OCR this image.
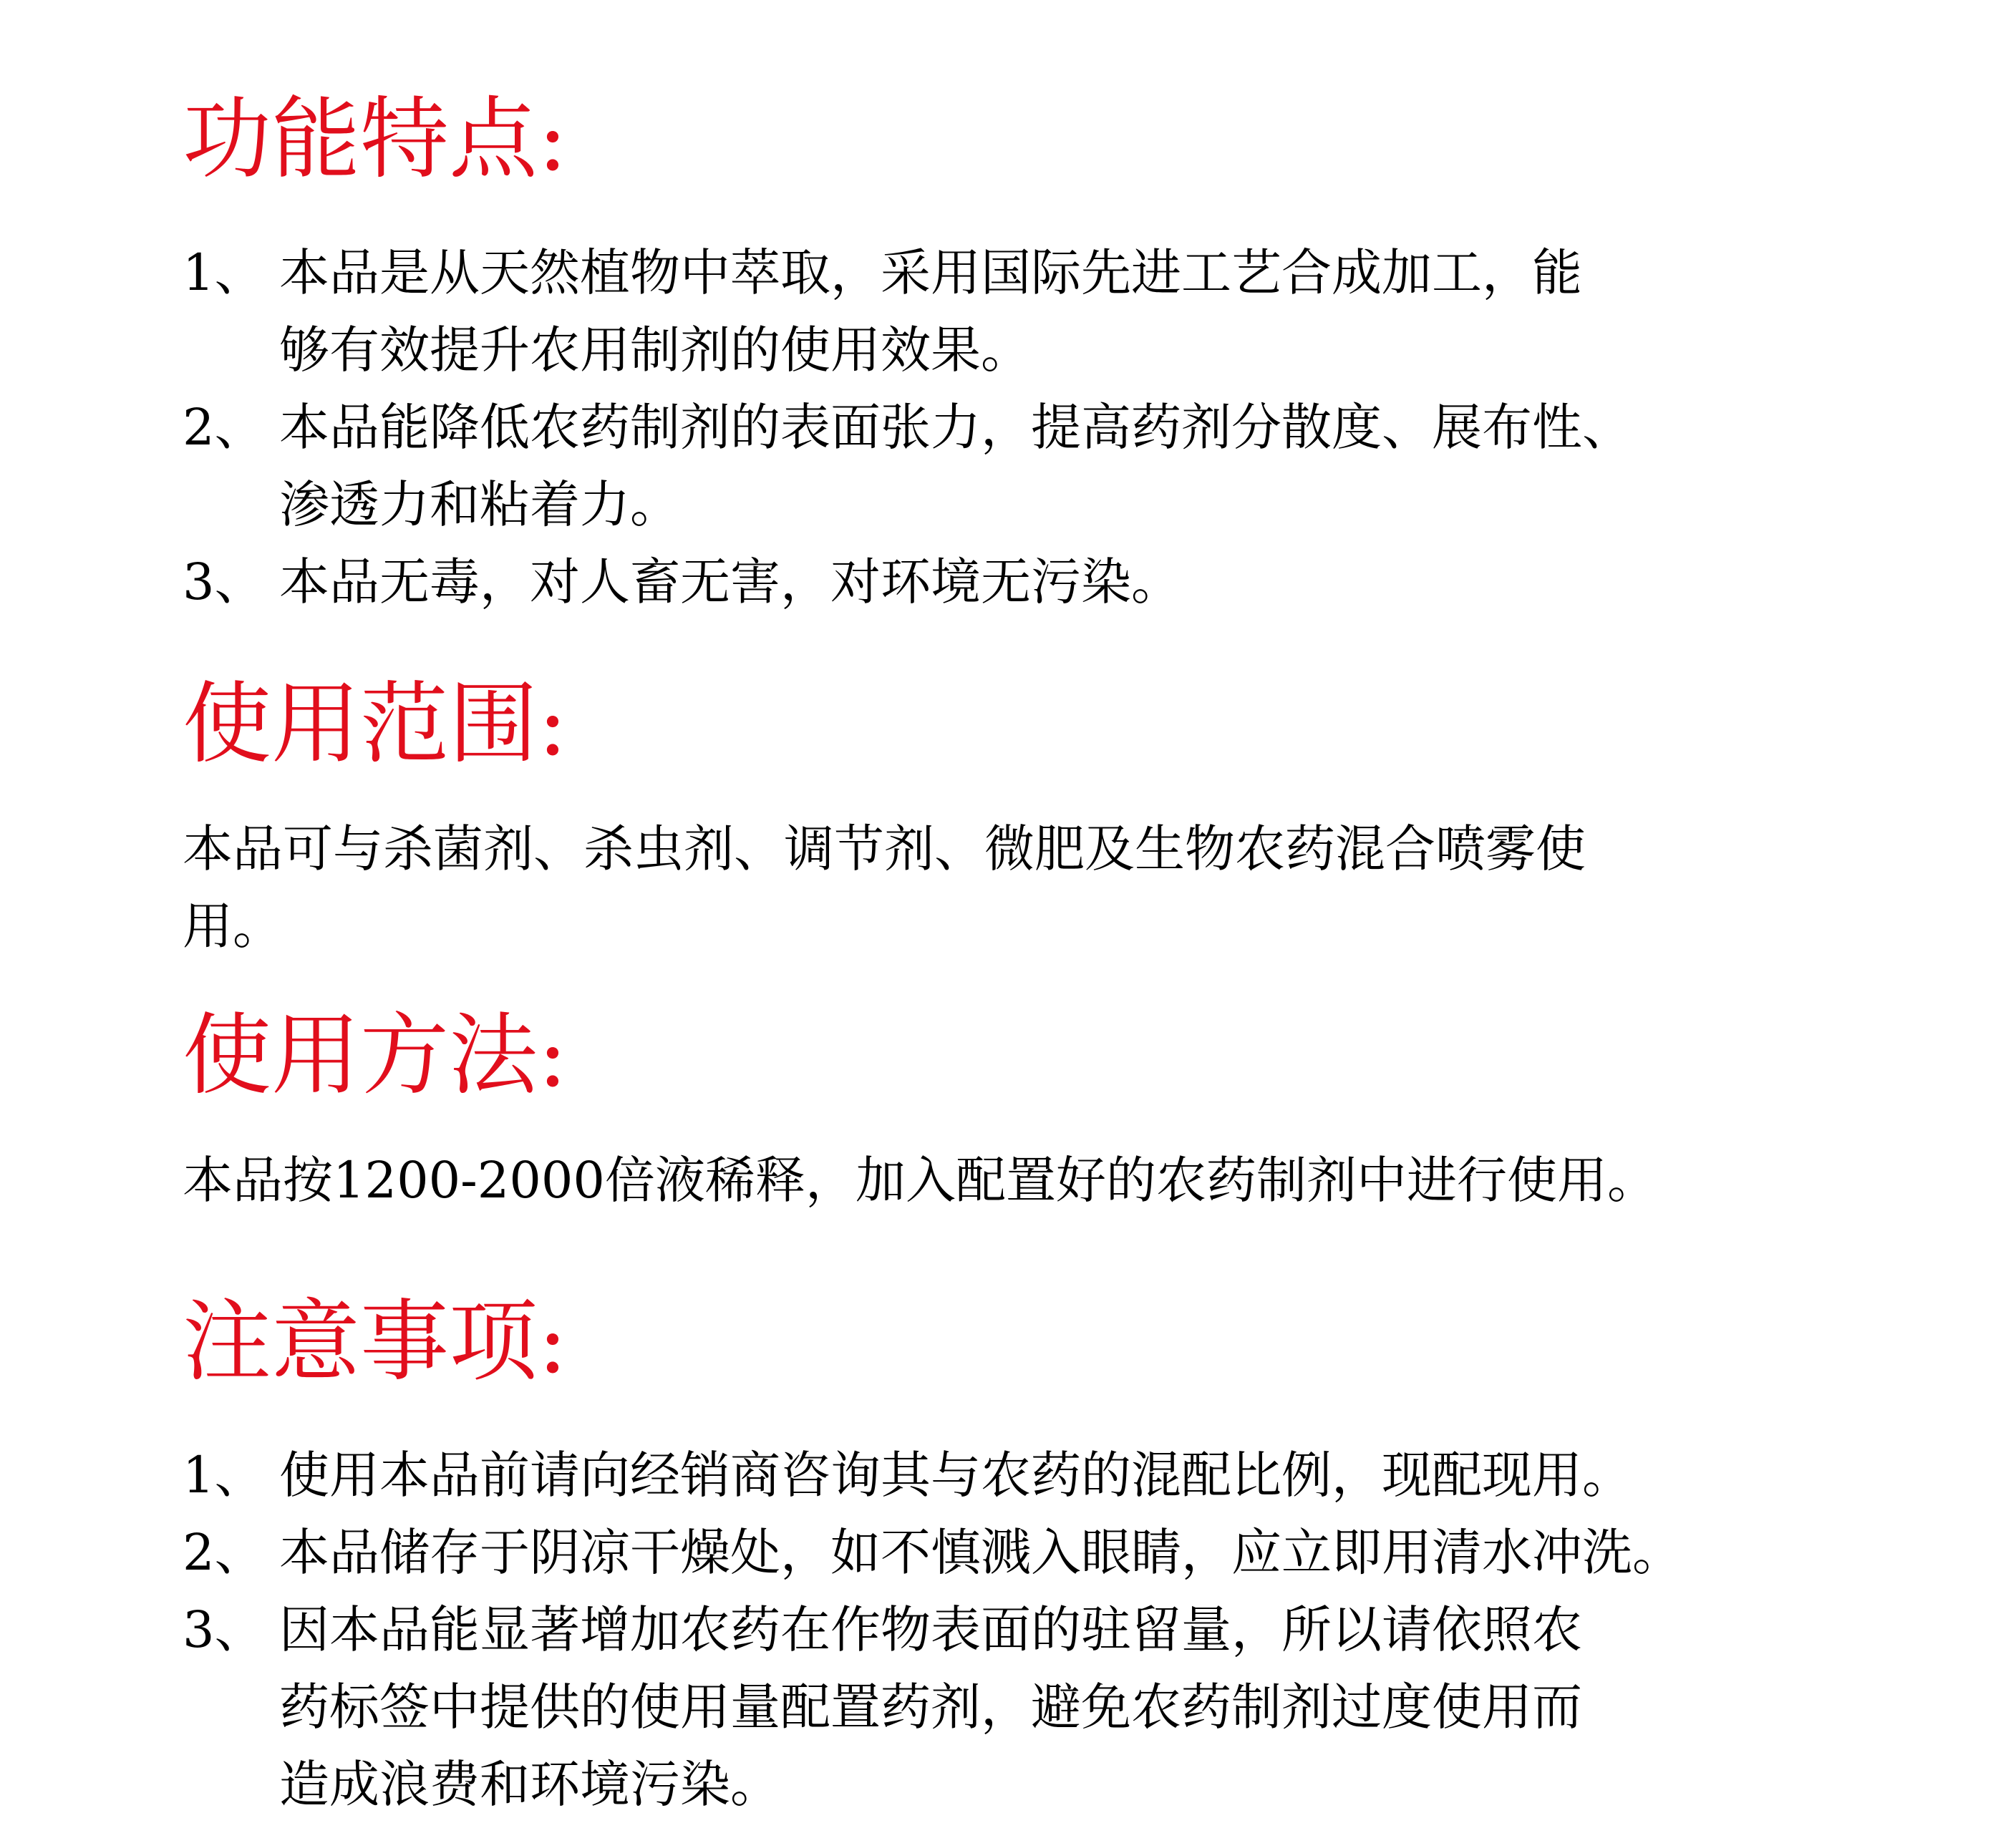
功能特点:
1、 本品是从天然植物中萃取，采用国际先进工艺合成加工，能
够有效提升农用制剂的使用效果。
2、 本品能降低农药制剂的表面张力，提高药剂分散度、展布性、
渗透力和粘着力。
3、 本品无毒，对人畜无害，对环境无污染。
使用范围:

本品可与杀菌剂、杀虫剂、调节剂、微肥及生物农药混合喷雾使

用。

使用方法:

本品按1200-2000倍液稀释，加入配置好的农药制剂中进行使用。

注意事项:
1、 使用本品前请向经销商咨询其与农药的混配比例，现配现用。
2、 本品储存于阴凉干燥处，如不慎溅入眼睛，应立即用清水冲洗。
3、 因本品能显著增加农药在作物表面的驻留量，所以请依照农
药标签中提供的使用量配置药剂，避免农药制剂过度使用而
造成浪费和环境污染。
